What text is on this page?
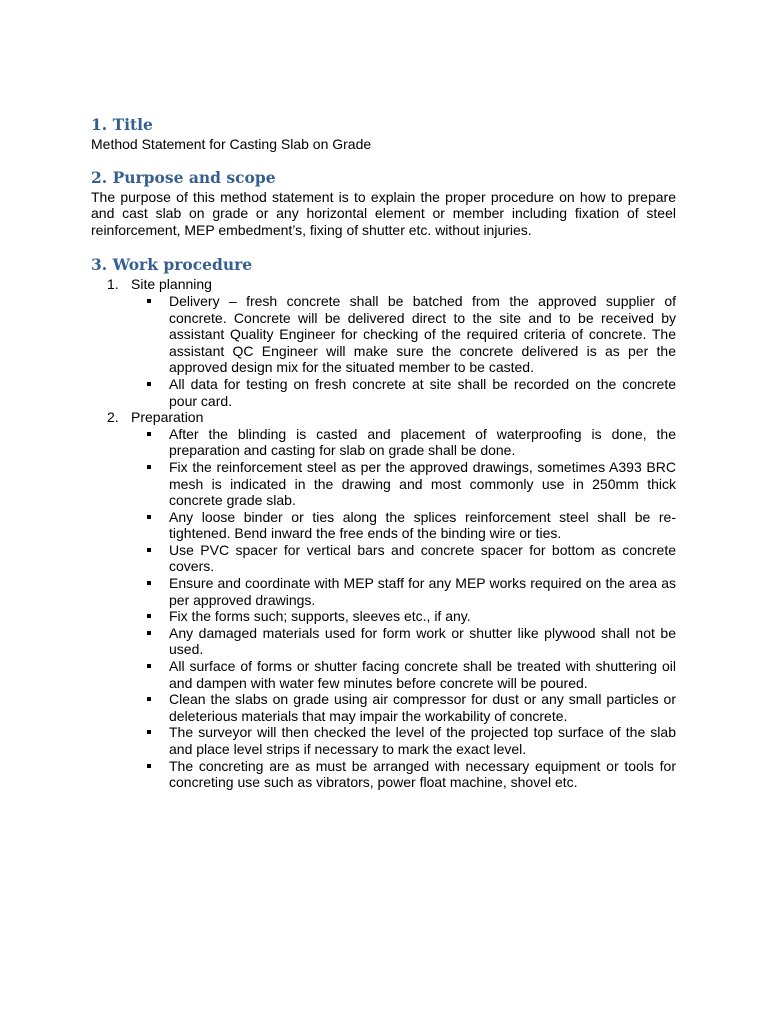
1. Title

Method Statement for Casting Slab on Grade

2. Purpose and scope

The purpose of this method statement is to explain the proper procedure on how to prepare and cast slab on grade or any horizontal element or member including fixation of steel reinforcement, MEP embedment’s, fixing of shutter etc. without injuries.

3. Work procedure
1. Site planning
Delivery – fresh concrete shall be batched from the approved supplier of concrete. Concrete will be delivered direct to the site and to be received by assistant Quality Engineer for checking of the required criteria of concrete. The assistant QC Engineer will make sure the concrete delivered is as per the approved design mix for the situated member to be casted.
All data for testing on fresh concrete at site shall be recorded on the concrete pour card.
2. Preparation
After the blinding is casted and placement of waterproofing is done, the preparation and casting for slab on grade shall be done.
Fix the reinforcement steel as per the approved drawings, sometimes A393 BRC mesh is indicated in the drawing and most commonly use in 250mm thick concrete grade slab.
Any loose binder or ties along the splices reinforcement steel shall be re-tightened. Bend inward the free ends of the binding wire or ties.
Use PVC spacer for vertical bars and concrete spacer for bottom as concrete covers.
Ensure and coordinate with MEP staff for any MEP works required on the area as per approved drawings.
Fix the forms such; supports, sleeves etc., if any.
Any damaged materials used for form work or shutter like plywood shall not be used.
All surface of forms or shutter facing concrete shall be treated with shuttering oil and dampen with water few minutes before concrete will be poured.
Clean the slabs on grade using air compressor for dust or any small particles or deleterious materials that may impair the workability of concrete.
The surveyor will then checked the level of the projected top surface of the slab and place level strips if necessary to mark the exact level.
The concreting are as must be arranged with necessary equipment or tools for concreting use such as vibrators, power float machine, shovel etc.
